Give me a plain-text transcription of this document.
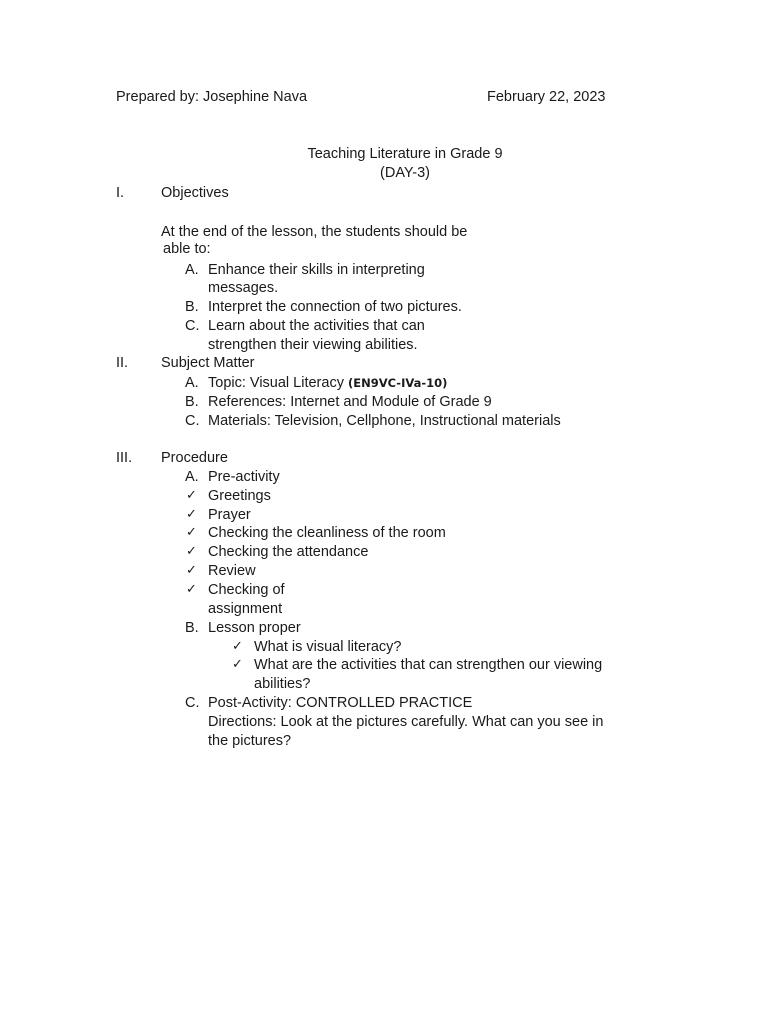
Prepared by: Josephine Nava	February 22, 2023
Teaching Literature in Grade 9
(DAY-3)
I.	Objectives
At the end of the lesson, the students should be
able to:
A. Enhance their skills in interpreting
messages.
B. Interpret the connection of two pictures.
C. Learn about the activities that can
strengthen their viewing abilities.
II. Subject Matter
A. Topic: Visual Literacy (EN9VC-IVa-10)
B. References: Internet and Module of Grade 9
C. Materials: Television, Cellphone, Instructional materials
III. Procedure
A. Pre-activity
✓ Greetings
✓ Prayer
✓ Checking the cleanliness of the room
✓ Checking the attendance
✓ Review
✓ Checking of
assignment
B. Lesson proper
✓ What is visual literacy?
✓ What are the activities that can strengthen our viewing
abilities?
C. Post-Activity: CONTROLLED PRACTICE
Directions: Look at the pictures carefully. What can you see in
the pictures?
